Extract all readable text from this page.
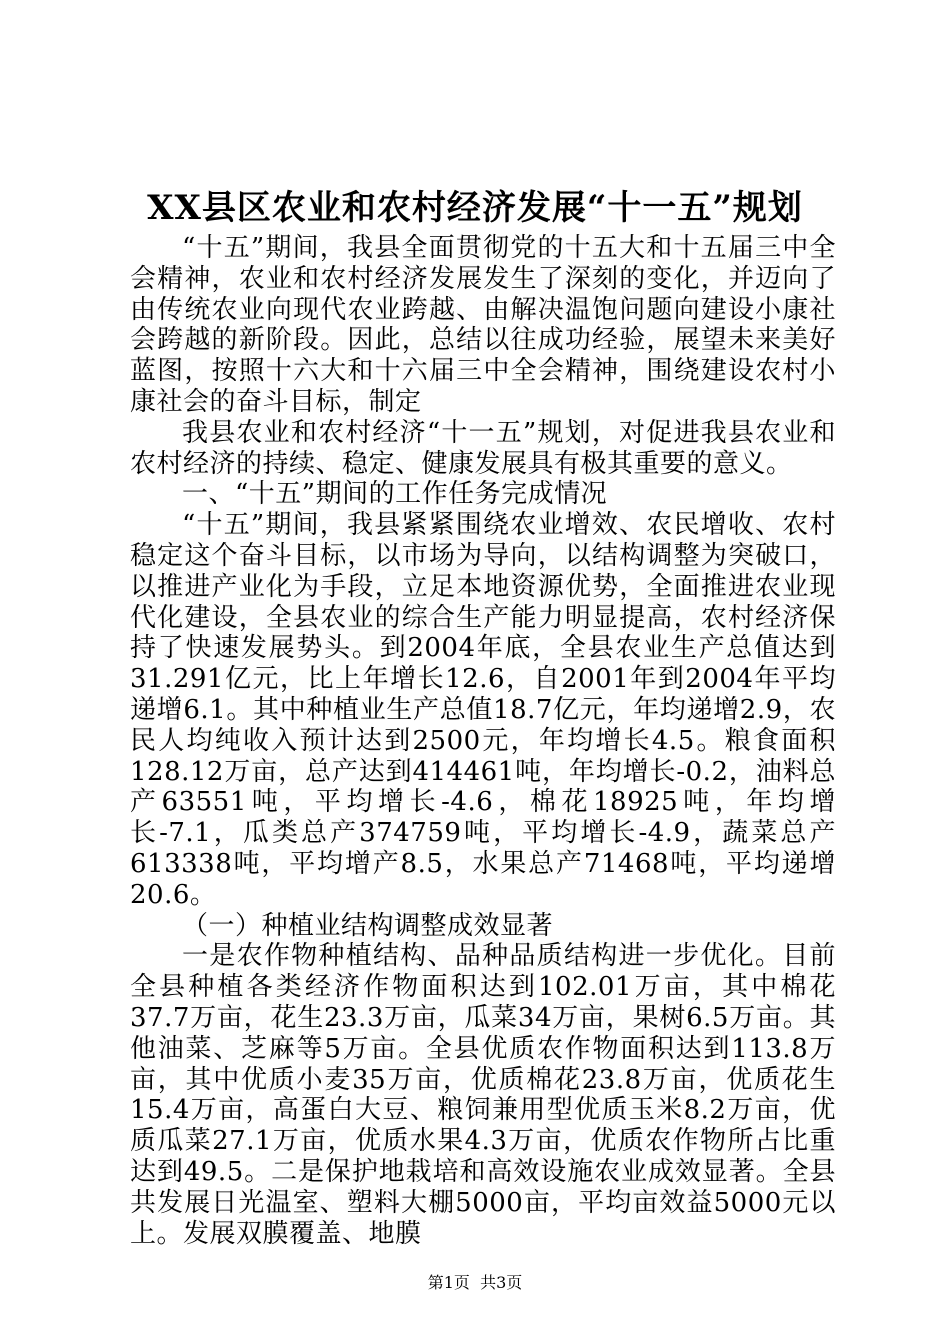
XX县区农业和农村经济发展“十一五”规划

“十五”期间，我县全面贯彻党的十五大和十五届三中全会精神，农业和农村经济发展发生了深刻的变化，并迈向了由传统农业向现代农业跨越、由解决温饱问题向建设小康社会跨越的新阶段。因此，总结以往成功经验，展望未来美好蓝图，按照十六大和十六届三中全会精神，围绕建设农村小康社会的奋斗目标，制定

我县农业和农村经济“十一五”规划，对促进我县农业和农村经济的持续、稳定、健康发展具有极其重要的意义。

一、“十五”期间的工作任务完成情况

“十五”期间，我县紧紧围绕农业增效、农民增收、农村稳定这个奋斗目标，以市场为导向，以结构调整为突破口，以推进产业化为手段，立足本地资源优势，全面推进农业现代化建设，全县农业的综合生产能力明显提高，农村经济保持了快速发展势头。到2004年底，全县农业生产总值达到31.291亿元，比上年增长12.6，自2001年到2004年平均递增6.1。其中种植业生产总值18.7亿元，年均递增2.9，农民人均纯收入预计达到2500元，年均增长4.5。粮食面积128.12万亩，总产达到414461吨，年均增长-0.2，油料总产63551吨，平均增长-4.6，棉花18925吨，年均增长-7.1，瓜类总产374759吨，平均增长-4.9，蔬菜总产613338吨，平均增产8.5，水果总产71468吨，平均递增20.6。

（一）种植业结构调整成效显著

一是农作物种植结构、品种品质结构进一步优化。目前全县种植各类经济作物面积达到102.01万亩，其中棉花37.7万亩，花生23.3万亩，瓜菜34万亩，果树6.5万亩。其他油菜、芝麻等5万亩。全县优质农作物面积达到113.8万亩，其中优质小麦35万亩，优质棉花23.8万亩，优质花生15.4万亩，高蛋白大豆、粮饲兼用型优质玉米8.2万亩，优质瓜菜27.1万亩，优质水果4.3万亩，优质农作物所占比重达到49.5。二是保护地栽培和高效设施农业成效显著。全县共发展日光温室、塑料大棚5000亩，平均亩效益5000元以上。发展双膜覆盖、地膜

第1页  共3页
